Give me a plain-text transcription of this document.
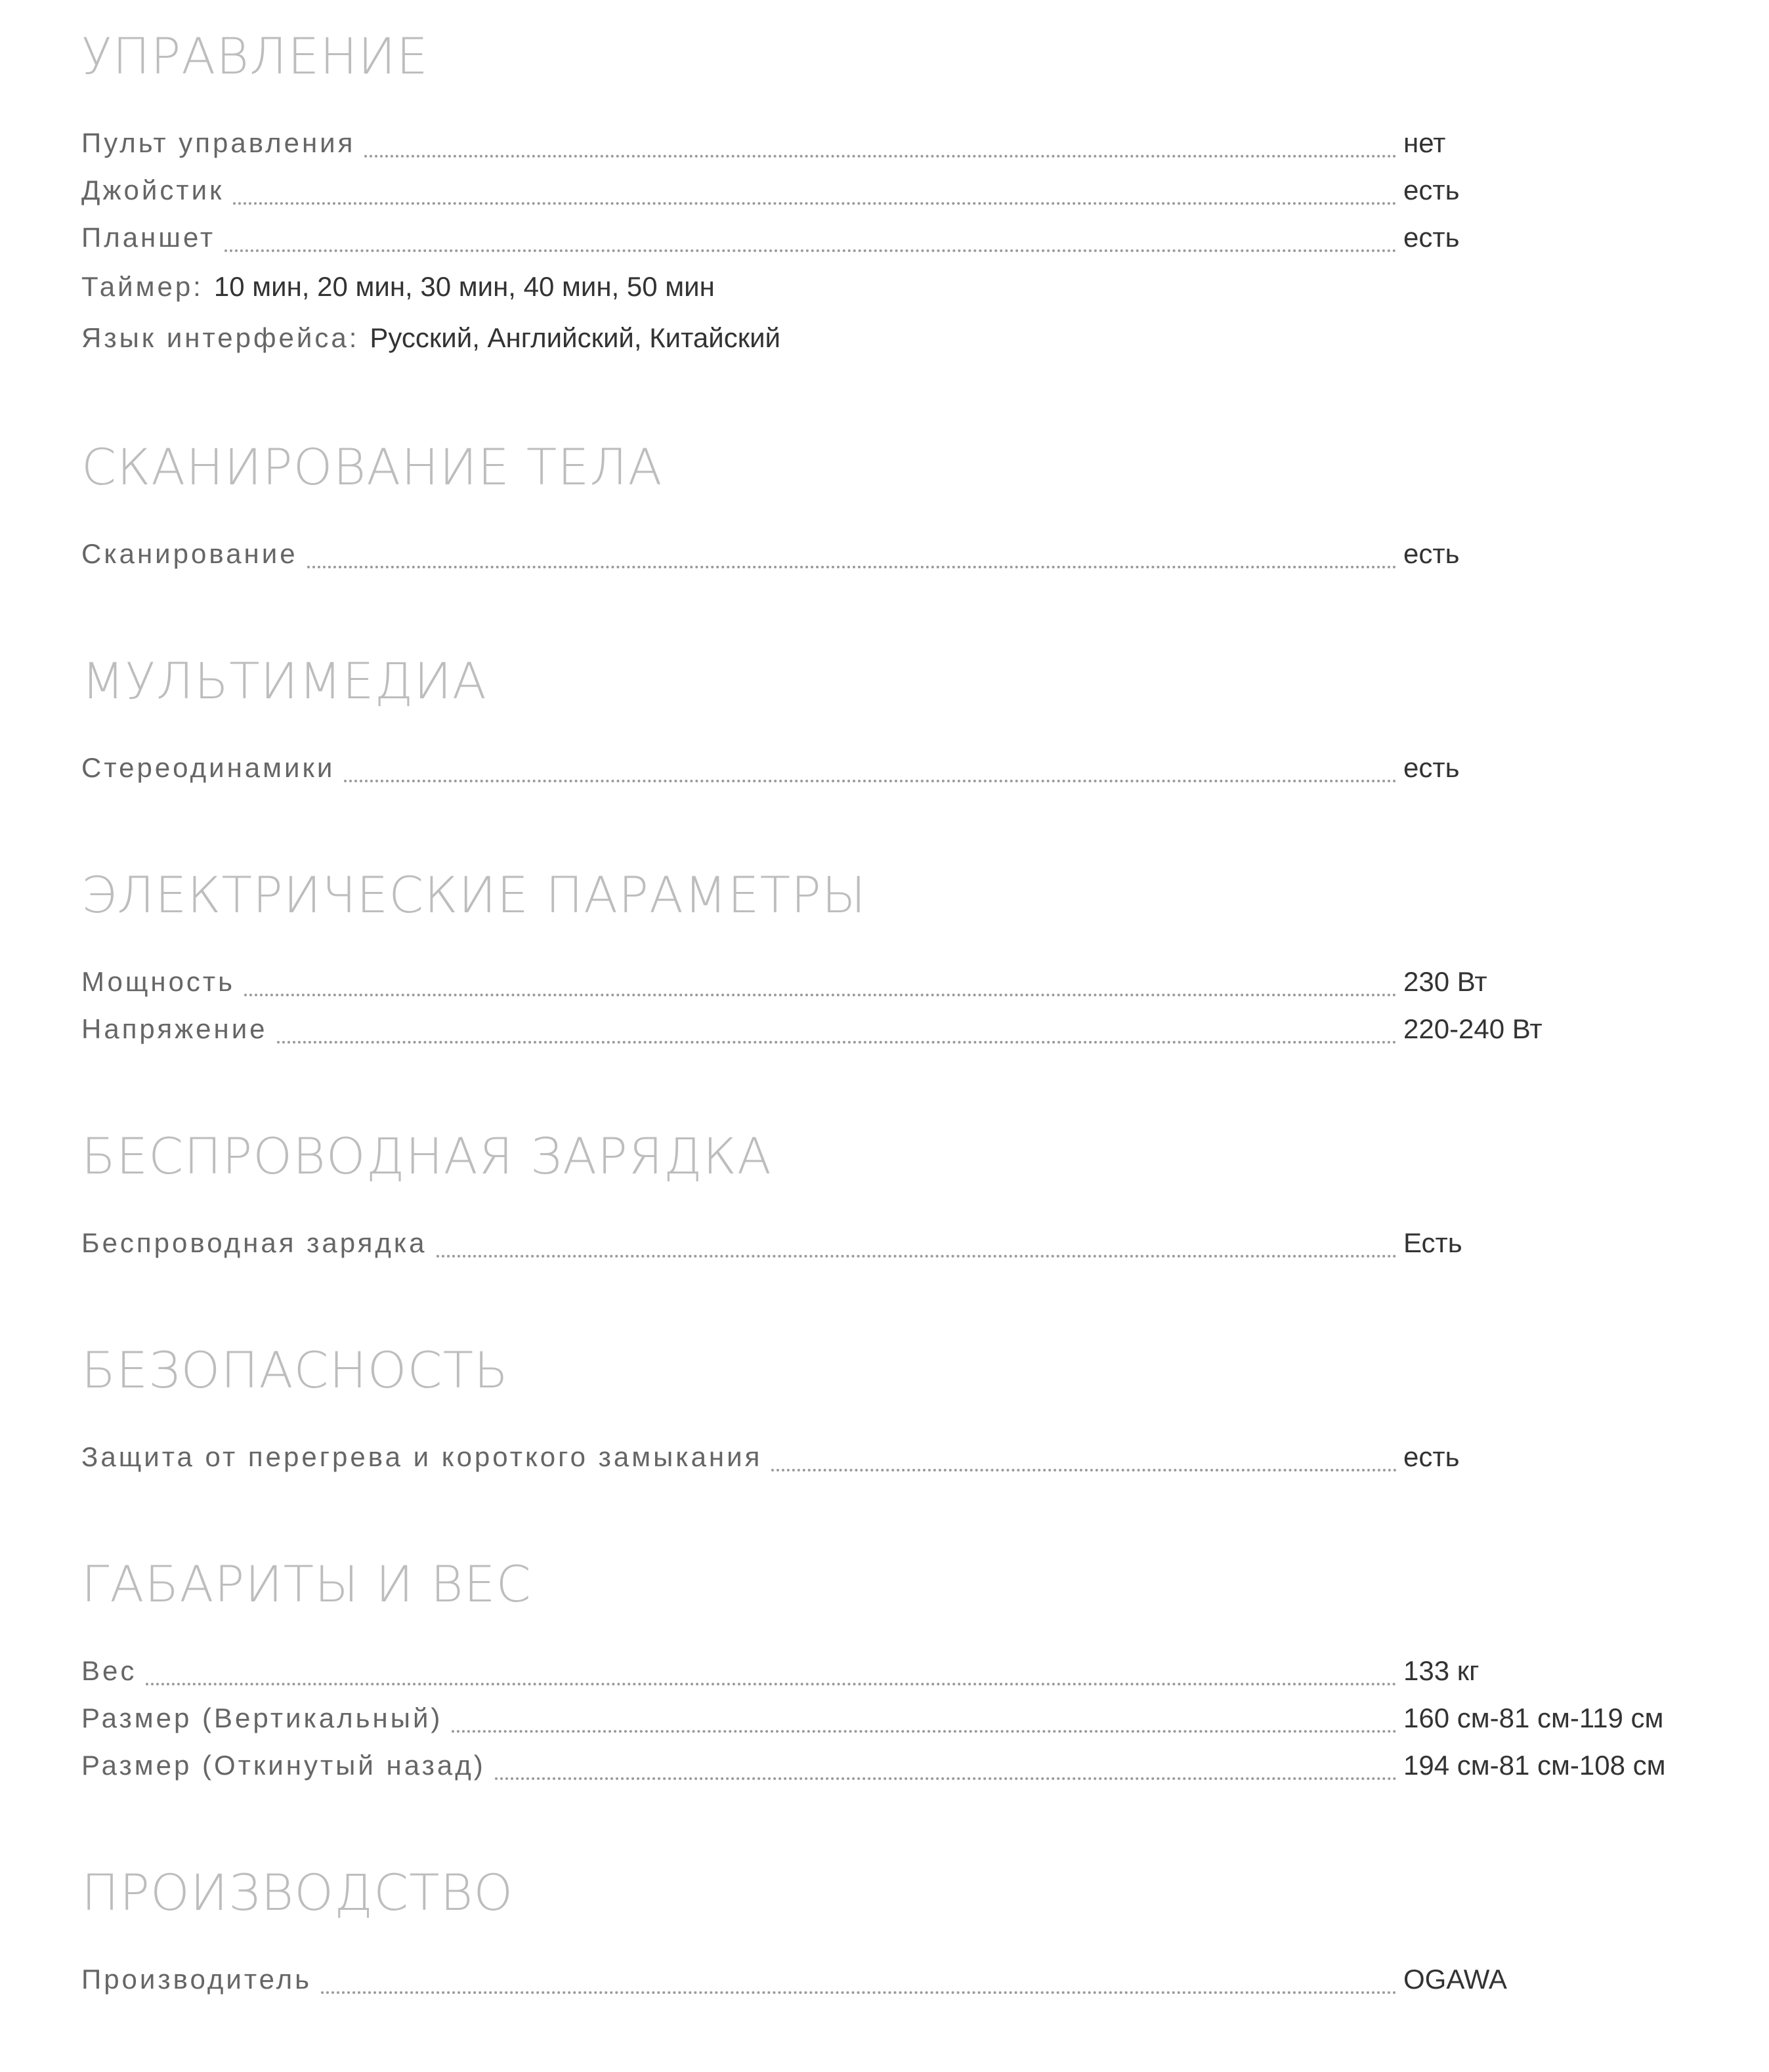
УПРАВЛЕНИЕ
Пульт управления	нет
Джойстик	есть
Планшет	есть
Таймер: 10 мин, 20 мин, 30 мин, 40 мин, 50 мин
Язык интерфейса: Русский, Английский, Китайский
СКАНИРОВАНИЕ ТЕЛА
Сканирование	есть
МУЛЬТИМЕДИА
Стереодинамики	есть
ЭЛЕКТРИЧЕСКИЕ ПАРАМЕТРЫ
Мощность	230 Вт
Напряжение	220-240 Вт
БЕСПРОВОДНАЯ ЗАРЯДКА
Беспроводная зарядка	Есть
БЕЗОПАСНОСТЬ
Защита от перегрева и короткого замыкания	есть
ГАБАРИТЫ И ВЕС
Вес	133 кг
Размер (Вертикальный)	160 см-81 см-119 см
Размер (Откинутый назад)	194 см-81 см-108 см
ПРОИЗВОДСТВО
Производитель	OGAWA
